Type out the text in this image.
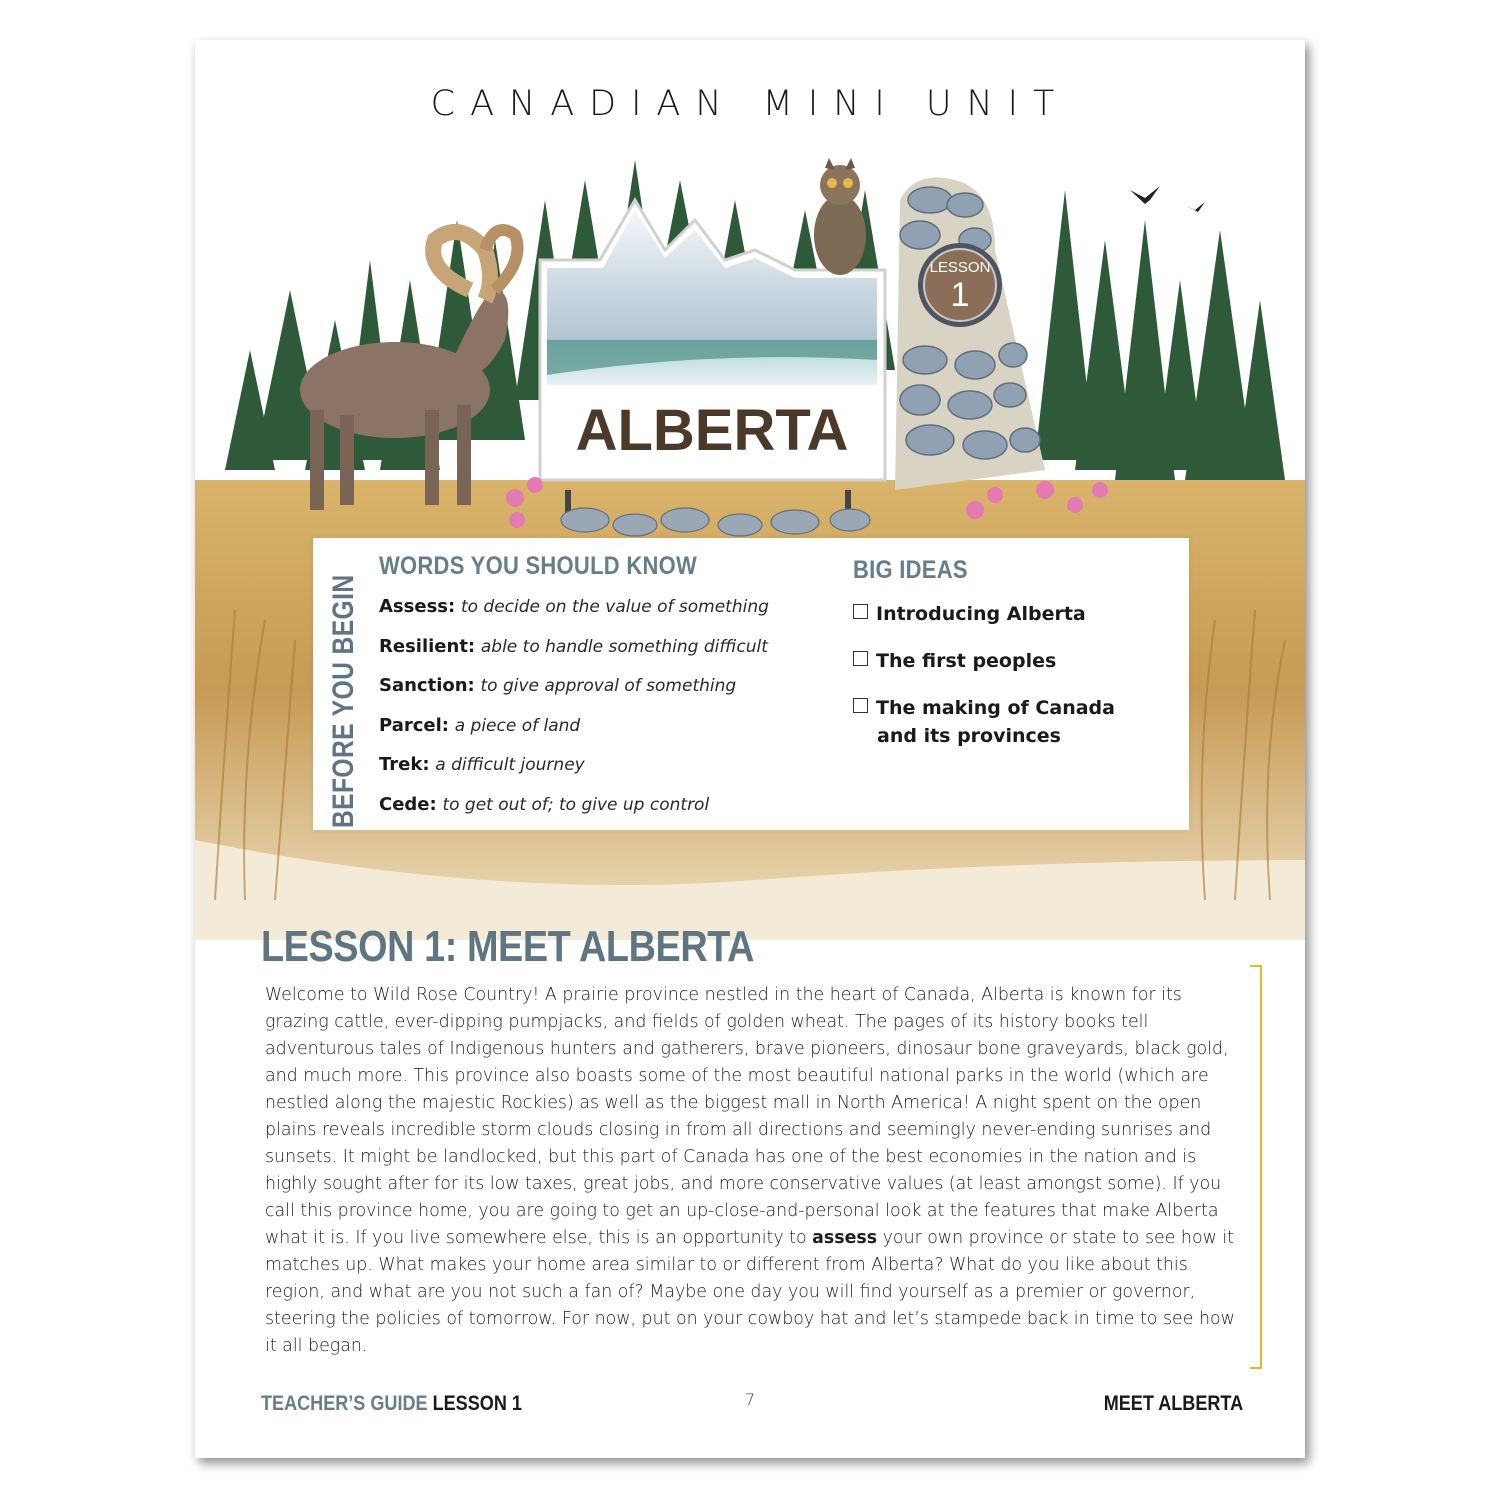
CANADIAN MINI UNIT
ALBERTA
LESSON
1
BEFORE YOU BEGIN
WORDS YOU SHOULD KNOW
Assess: to decide on the value of something
Resilient: able to handle something difficult
Sanction: to give approval of something
Parcel: a piece of land
Trek: a difficult journey
Cede: to get out of; to give up control
BIG IDEAS
Introducing Alberta
The first peoples
The making of Canada and its provinces
LESSON 1: MEET ALBERTA
Welcome to Wild Rose Country! A prairie province nestled in the heart of Canada, Alberta is known for its grazing cattle, ever-dipping pumpjacks, and fields of golden wheat. The pages of its history books tell adventurous tales of Indigenous hunters and gatherers, brave pioneers, dinosaur bone graveyards, black gold, and much more. This province also boasts some of the most beautiful national parks in the world (which are nestled along the majestic Rockies) as well as the biggest mall in North America! A night spent on the open plains reveals incredible storm clouds closing in from all directions and seemingly never-ending sunrises and sunsets. It might be landlocked, but this part of Canada has one of the best economies in the nation and is highly sought after for its low taxes, great jobs, and more conservative values (at least amongst some). If you call this province home, you are going to get an up-close-and-personal look at the features that make Alberta what it is. If you live somewhere else, this is an opportunity to assess your own province or state to see how it matches up. What makes your home area similar to or different from Alberta? What do you like about this region, and what are you not such a fan of? Maybe one day you will find yourself as a premier or governor, steering the policies of tomorrow. For now, put on your cowboy hat and let’s stampede back in time to see how it all began.
TEACHER’S GUIDE LESSON 1	7	MEET ALBERTA
